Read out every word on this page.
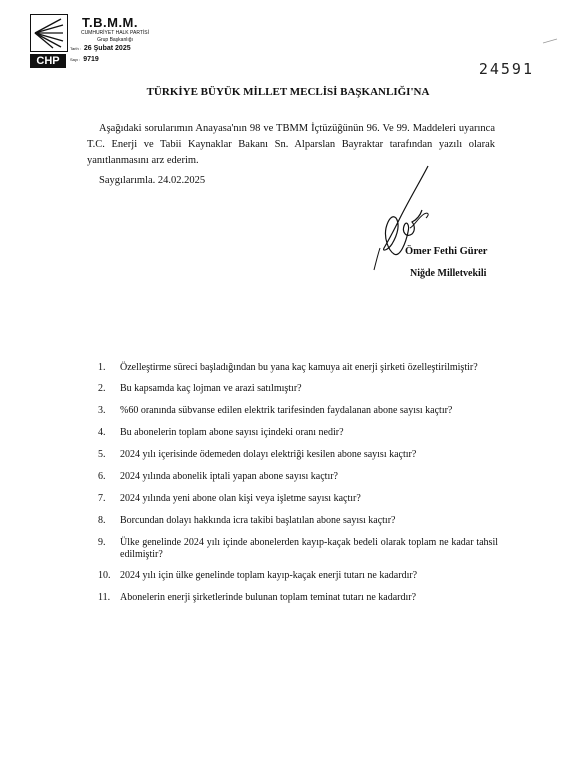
CHP
T.B.M.M.
CUMHURİYET HALK PARTİSİ
Grup Başkanlığı
Tarih : 26 Şubat 2025
Sayı : 9719
24591
TÜRKİYE BÜYÜK MİLLET MECLİSİ BAŞKANLIĞI'NA
Aşağıdaki sorularımın Anayasa'nın 98 ve TBMM İçtüzüğünün 96. Ve 99. Maddeleri uyarınca T.C. Enerji ve Tabii Kaynaklar Bakanı Sn. Alparslan Bayraktar tarafından yazılı olarak yanıtlanmasını arz ederim.
Saygılarımla. 24.02.2025
Ömer Fethi Gürer
Niğde Milletvekili
1. Özelleştirme süreci başladığından bu yana kaç kamuya ait enerji şirketi özelleştirilmiştir?
2. Bu kapsamda kaç lojman ve arazi satılmıştır?
3. %60 oranında sübvanse edilen elektrik tarifesinden faydalanan abone sayısı kaçtır?
4. Bu abonelerin toplam abone sayısı içindeki oranı nedir?
5. 2024 yılı içerisinde ödemeden dolayı elektriği kesilen abone sayısı kaçtır?
6. 2024 yılında abonelik iptali yapan abone sayısı kaçtır?
7. 2024 yılında yeni abone olan kişi veya işletme sayısı kaçtır?
8. Borcundan dolayı hakkında icra takibi başlatılan abone sayısı kaçtır?
9. Ülke genelinde 2024 yılı içinde abonelerden kayıp-kaçak bedeli olarak toplam ne kadar tahsil edilmiştir?
10. 2024 yılı için ülke genelinde toplam kayıp-kaçak enerji tutarı ne kadardır?
11. Abonelerin enerji şirketlerinde bulunan toplam teminat tutarı ne kadardır?
